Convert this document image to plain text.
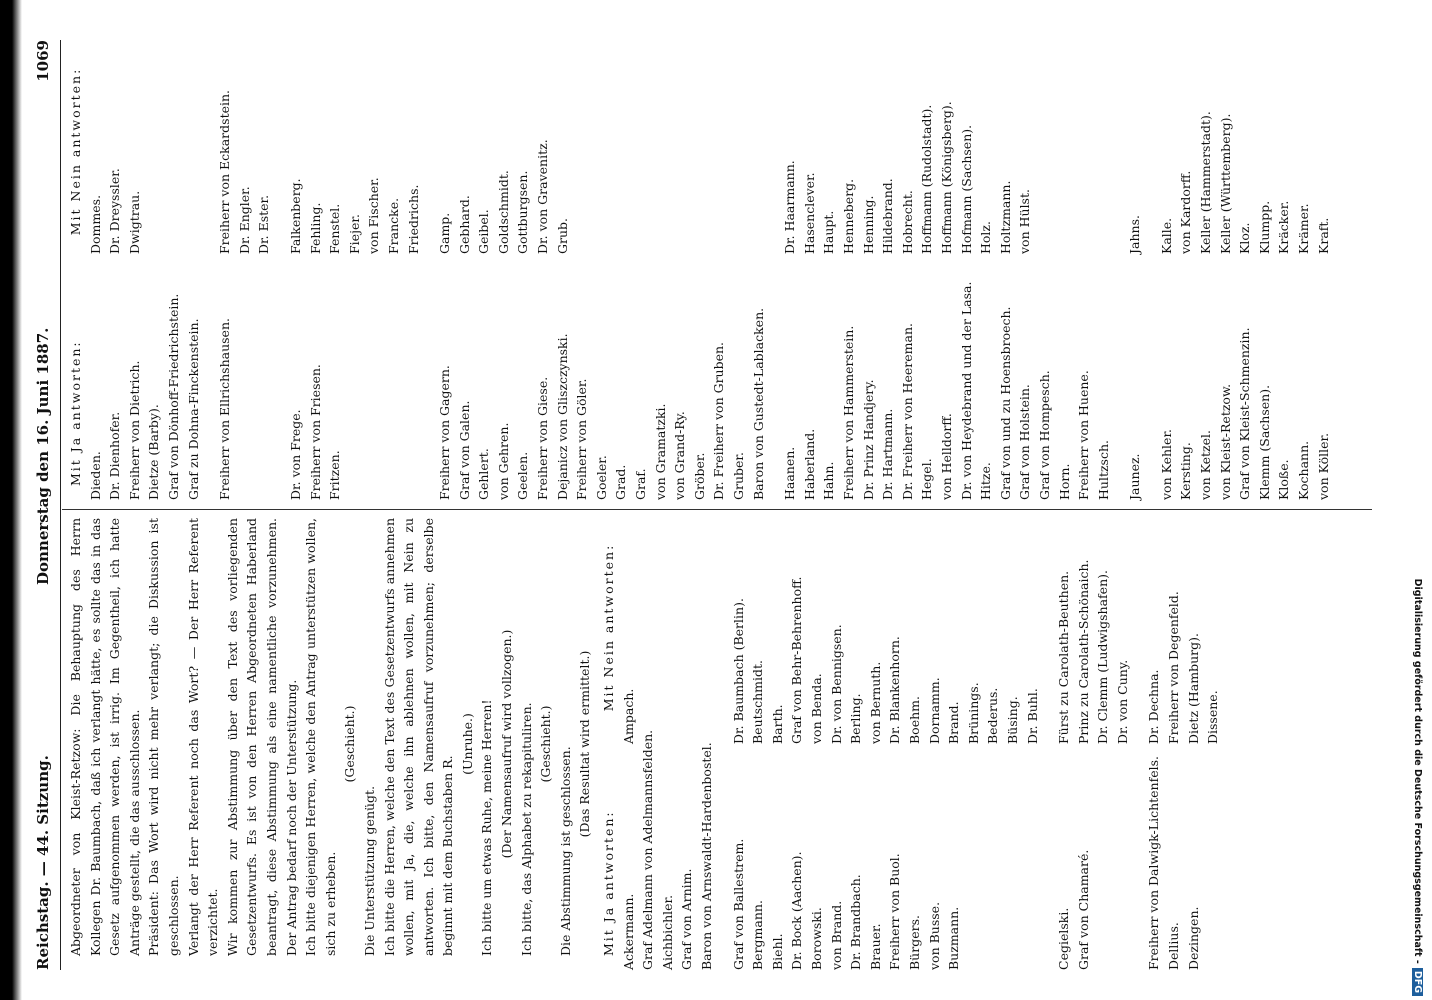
Reichstag. — 44. Sitzung.
Donnerstag den 16. Juni 1887.
1069

Abgeordneter von Kleist-Retzow: Die Behauptung des Herrn Kollegen Dr. Baumbach, daß ich verlangt hätte, es sollte das in das Gesetz aufgenommen werden, ist irrig. Im Gegentheil, ich hatte Anträge gestellt, die das ausschlossen. Präsident: Das Wort wird nicht mehr verlangt; die Diskussion ist geschlossen. Verlangt der Herr Referent noch das Wort? — Der Herr Referent verzichtet. Wir kommen zur Abstimmung über den Text des vorliegenden Gesetzentwurfs. Es ist von den Herren Abgeordneten Haberland beantragt, diese Abstimmung als eine namentliche vorzunehmen. Der Antrag bedarf noch der Unterstützung. Ich bitte diejenigen Herren, welche den Antrag unterstützen wollen, sich zu erheben.

(Geschieht.)

Die Unterstützung genügt. Ich bitte die Herren, welche den Text des Gesetzentwurfs annehmen wollen, mit Ja, die, welche ihn ablehnen wollen, mit Nein zu antworten. Ich bitte, den Namensaufruf vorzunehmen; derselbe beginnt mit dem Buchstaben R.

(Unruhe.) Ich bitte um etwas Ruhe, meine Herren! (Der Namensaufruf wird vollzogen.) Ich bitte, das Alphabet zu rekapituliren. (Geschieht.)

Die Abstimmung ist geschlossen.

(Das Resultat wird ermittelt.)

Mit Ja antworten:
Mit Nein antworten:
Ackermann. Graf Adelmann von Adelmannsfelden. Aichbichler. Graf von Arnim. Baron von Arnswaldt-Hardenbostel. Graf von Ballestrem. Bergmann. Biehl. Dr. Bock (Aachen). Borowski. von Brand. Dr. Brandbach. Brauer. Freiherr von Buol. Bürgers. von Busse. Buzmann.

	Cegielski. Graf von Chamaré.

	Freiherr von Dalwigk-Lichtenfels. Dellius. Dezingen.

Ampach.

	Dr. Baumbach (Berlin). Beutschmidt. Barth. Graf von Behr-Behrenhoff. von Benda. Dr. von Bennigsen. Berling. von Bernuth. Dr. Blankenhorn. Boehm. Dornamm. Brand. Brünings. Bederus. Büsing. Dr. Buhl. Fürst zu Carolath-Beuthen. Prinz zu Carolath-Schönaich. Dr. Clemm (Ludwigshafen). Dr. von Cuny. Dr. Dechna. Freiherr von Degenfeld. Dietz (Hamburg). Dissene.
Mit Ja antworten:
Mit Nein antworten:
Dieden. Dr. Dienhofer. Freiherr von Dietrich. Dietze (Barby). Graf von Dönhoff-Friedrichstein. Graf zu Dohna-Finckenstein. Freiherr von Ellrichshausen.

	Dr. von Frege. Freiherr von Friesen. Fritzen.

	Freiherr von Gagern. Graf von Galen. Gehlert. von Gehren. Geelen. Freiherr von Giese. Dejanicz von Gliszczynski. Freiherr von Göler. Goeler. Grad. Graf. von Gramatzki. von Grand-Ry. Gröber. Dr. Freiherr von Gruben. Gruber. Baron von Gustedt-Lablacken. Haanen. Haberland. Hahn. Freiherr von Hammerstein. Dr. Prinz Handjery. Dr. Hartmann. Dr. Freiherr von Heereman. Hegel. von Helldorff. Dr. von Heydebrand und der Lasa. Hitze. Graf von und zu Hoensbroech. Graf von Holstein. Graf von Hompesch. Horn. Freiherr von Huene. Hultzsch. Jaunez. von Kehler. Kersting. von Ketzel. von Kleist-Retzow. Graf von Kleist-Schmenzin. Klemm (Sachsen). Kloße. Kochann. von Köller.
Dommes. Dr. Dreyssler. Dwigtrau.

	Freiherr von Eckardstein. Dr. Engler. Dr. Ester. Falkenberg. Fehling. Fenstel. Fiejer. von Fischer. Francke. Friedrichs. Gamp. Gebhard. Geibel. Goldschmidt. Gottburgsen. Dr. von Gravenitz. Grub.

	Dr. Haarmann. Hasenclever. Haupt. Henneberg. Henning. Hildebrand. Hobrecht. Hoffmann (Rudolstadt). Hoffmann (Königsberg). Hofmann (Sachsen). Holz. Holtzmann. von Hülst.

	Jahns. Kalle. von Kardorff. Keller (Hammerstadt). Keller (Württemberg). Kloz. Klumpp. Kräcker. Krämer. Kraft.
Digitalisierung gefördert durch die Deutsche Forschungsgemeinschaft -DFG
